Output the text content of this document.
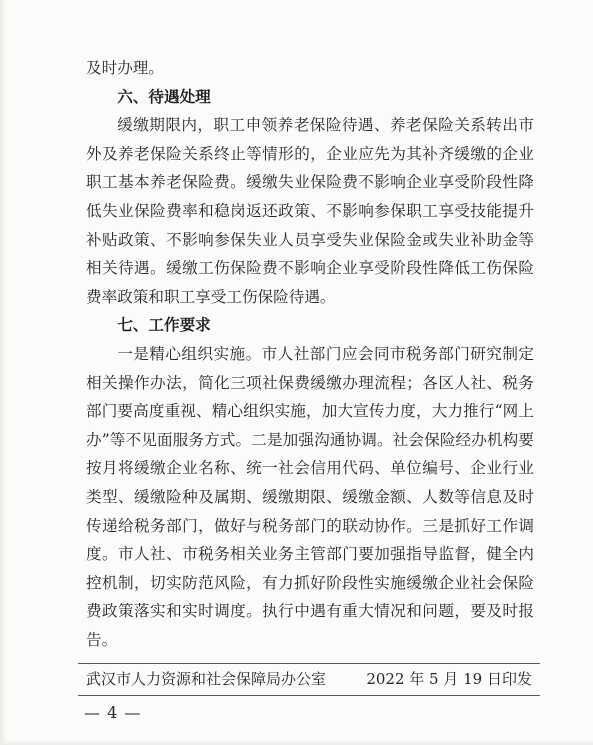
及时办理。

六、待遇处理

缓缴期限内，职工申领养老保险待遇、养老保险关系转出市外及养老保险关系终止等情形的，企业应先为其补齐缓缴的企业职工基本养老保险费。缓缴失业保险费不影响企业享受阶段性降低失业保险费率和稳岗返还政策、不影响参保职工享受技能提升补贴政策、不影响参保失业人员享受失业保险金或失业补助金等相关待遇。缓缴工伤保险费不影响企业享受阶段性降低工伤保险费率政策和职工享受工伤保险待遇。

七、工作要求

一是精心组织实施。市人社部门应会同市税务部门研究制定相关操作办法，简化三项社保费缓缴办理流程；各区人社、税务部门要高度重视、精心组织实施，加大宣传力度，大力推行“网上办”等不见面服务方式。二是加强沟通协调。社会保险经办机构要按月将缓缴企业名称、统一社会信用代码、单位编号、企业行业类型、缓缴险种及属期、缓缴期限、缓缴金额、人数等信息及时传递给税务部门，做好与税务部门的联动协作。三是抓好工作调度。市人社、市税务相关业务主管部门要加强指导监督，健全内控机制，切实防范风险，有力抓好阶段性实施缓缴企业社会保险费政策落实和实时调度。执行中遇有重大情况和问题，要及时报告。

武汉市人力资源和社会保障局办公室	2022 年 5 月 19 日印发
— 4 —
